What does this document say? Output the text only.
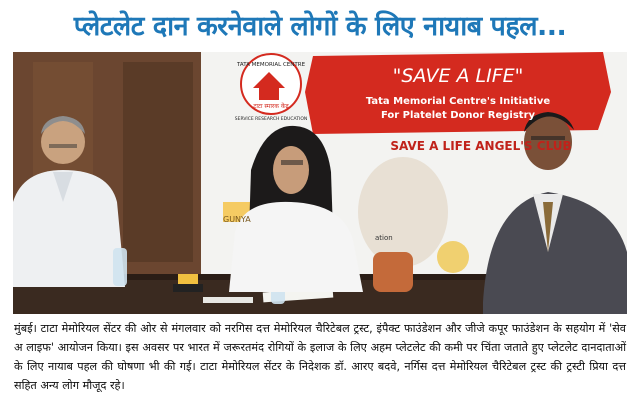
प्लेटलेट दान करनेवाले लोगों के लिए नायाब पहल...
TATA MEMORIAL CENTRE
टाटा स्मारक केंद्र
SERVICE RESEARCH EDUCATION
"SAVE A LIFE"
Tata Memorial Centre's Initiative
For Platelet Donor Registry
SAVE A LIFE ANGEL'S CLUB
GUNYA
ation
मुंबई। टाटा मेमोरियल सेंटर की ओर से मंगलवार को नरगिस दत्त मेमोरियल चैरिटेबल ट्रस्ट, इंपैक्ट फाउंडेशन और जीजे कपूर फाउंडेशन के सहयोग में 'सेव अ लाइफ' आयोजन किया। इस अवसर पर भारत में जरूरतमंद रोगियों के इलाज के लिए अहम प्लेटलेट की कमी पर चिंता जताते हुए प्लेटलेट दानदाताओं के लिए नायाब पहल की घोषणा भी की गई। टाटा मेमोरियल सेंटर के निदेशक डॉ. आरए बदवे, नर्गिस दत्त मेमोरियल चैरिटेबल ट्रस्ट की ट्रस्टी प्रिया दत्त सहित अन्य लोग मौजूद रहे।
